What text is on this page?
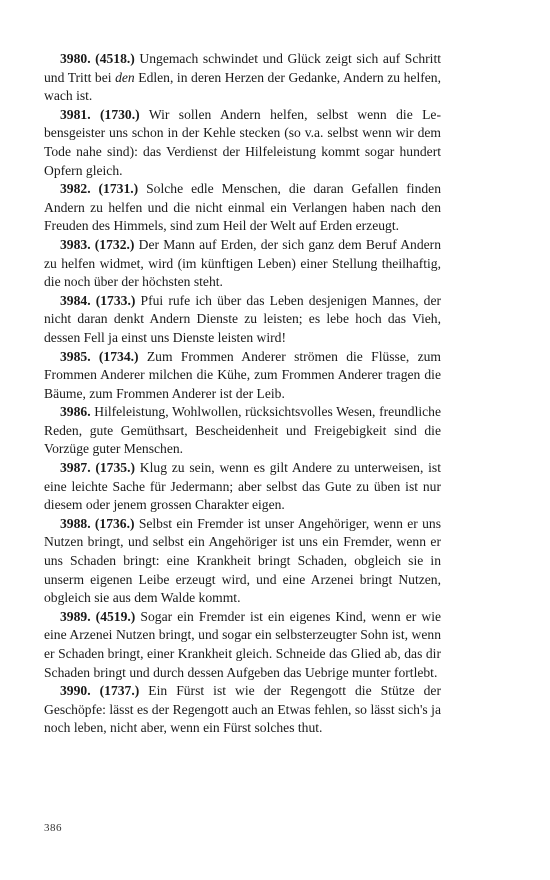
3980. (4518.) Ungemach schwindet und Glück zeigt sich auf Schritt und Tritt bei den Edlen, in deren Herzen der Gedanke, Andern zu helfen, wach ist.

3981. (1730.) Wir sollen Andern helfen, selbst wenn die Lebensgeister uns schon in der Kehle stecken (so v.a. selbst wenn wir dem Tode nahe sind): das Verdienst der Hilfeleistung kommt sogar hundert Opfern gleich.

3982. (1731.) Solche edle Menschen, die daran Gefallen finden Andern zu helfen und die nicht einmal ein Verlangen haben nach den Freuden des Himmels, sind zum Heil der Welt auf Erden erzeugt.

3983. (1732.) Der Mann auf Erden, der sich ganz dem Beruf Andern zu helfen widmet, wird (im künftigen Leben) einer Stellung theilhaftig, die noch über der höchsten steht.

3984. (1733.) Pfui rufe ich über das Leben desjenigen Mannes, der nicht daran denkt Andern Dienste zu leisten; es lebe hoch das Vieh, dessen Fell ja einst uns Dienste leisten wird!

3985. (1734.) Zum Frommen Anderer strömen die Flüsse, zum Frommen Anderer milchen die Kühe, zum Frommen Anderer tragen die Bäume, zum Frommen Anderer ist der Leib.

3986. Hilfeleistung, Wohlwollen, rücksichtsvolles Wesen, freundliche Reden, gute Gemüthsart, Bescheidenheit und Freigebigkeit sind die Vorzüge guter Menschen.

3987. (1735.) Klug zu sein, wenn es gilt Andere zu unterweisen, ist eine leichte Sache für Jedermann; aber selbst das Gute zu üben ist nur diesem oder jenem grossen Charakter eigen.

3988. (1736.) Selbst ein Fremder ist unser Angehöriger, wenn er uns Nutzen bringt, und selbst ein Angehöriger ist uns ein Fremder, wenn er uns Schaden bringt: eine Krankheit bringt Schaden, obgleich sie in unserm eigenen Leibe erzeugt wird, und eine Arzenei bringt Nutzen, obgleich sie aus dem Walde kommt.

3989. (4519.) Sogar ein Fremder ist ein eigenes Kind, wenn er wie eine Arzenei Nutzen bringt, und sogar ein selbsterzeugter Sohn ist, wenn er Schaden bringt, einer Krankheit gleich. Schneide das Glied ab, das dir Schaden bringt und durch dessen Aufgeben das Uebrige munter fortlebt.

3990. (1737.) Ein Fürst ist wie der Regengott die Stütze der Geschöpfe: lässt es der Regengott auch an Etwas fehlen, so lässt sich's ja noch leben, nicht aber, wenn ein Fürst solches thut.

386
